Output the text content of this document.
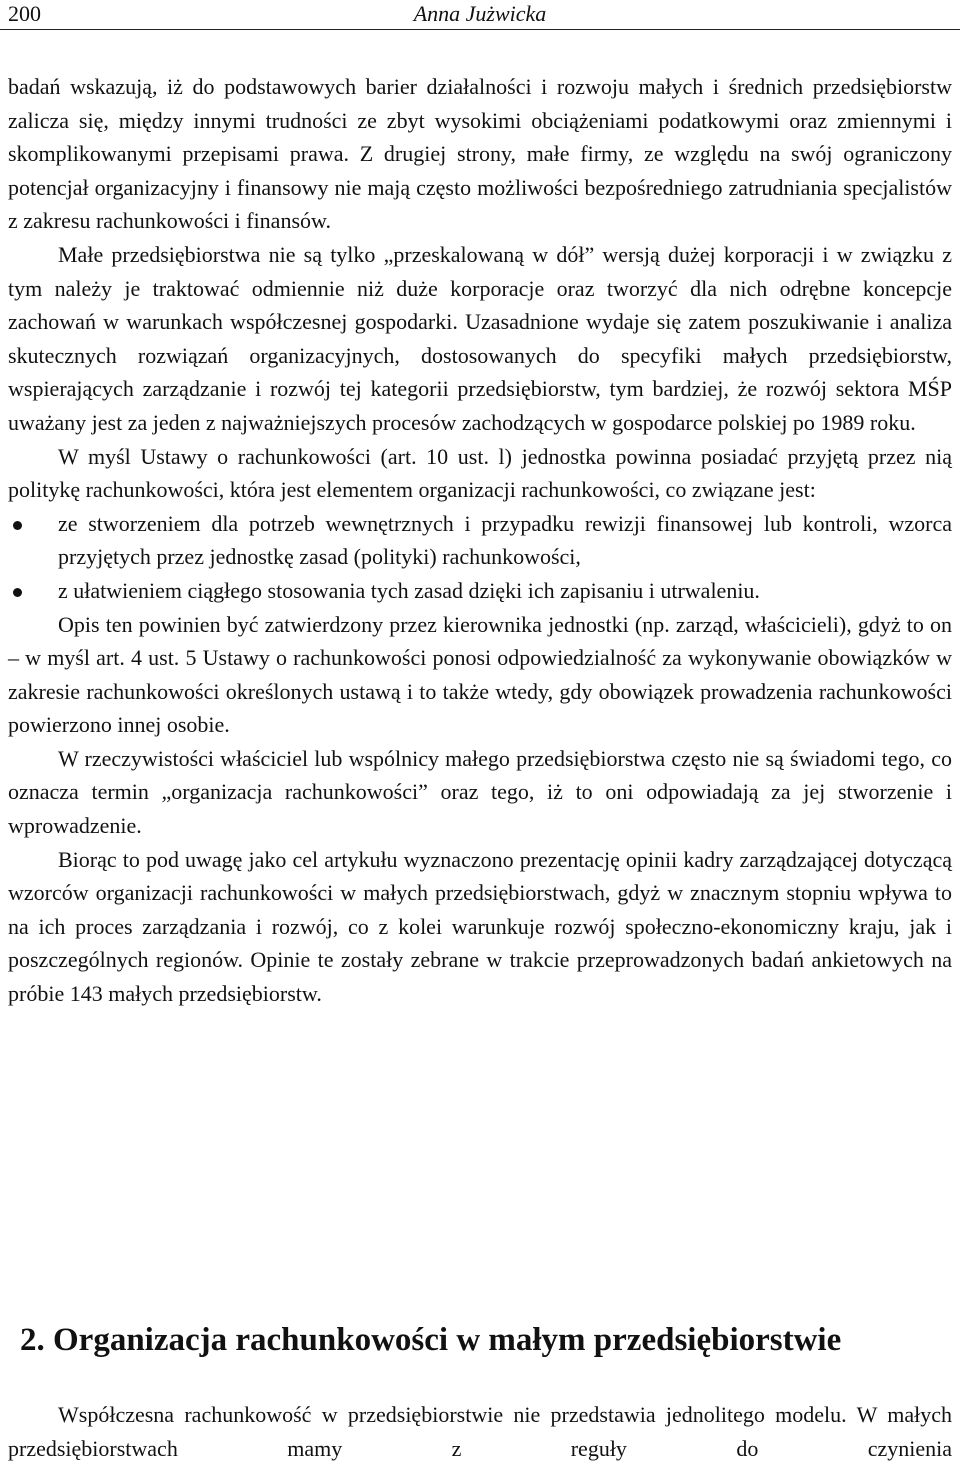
200	Anna Jużwicka

badań wskazują, iż do podstawowych barier działalności i rozwoju małych i średnich przedsiębiorstw zalicza się, między innymi trudności ze zbyt wysokimi obciążeniami podatkowymi oraz zmiennymi i skomplikowanymi przepisami prawa. Z drugiej strony, małe firmy, ze względu na swój ograniczony potencjał organizacyjny i finansowy nie mają często możliwości bezpośredniego zatrudniania specjalistów z zakresu rachunkowości i finansów.

Małe przedsiębiorstwa nie są tylko „przeskalowaną w dół” wersją dużej korporacji i w związku z tym należy je traktować odmiennie niż duże korporacje oraz tworzyć dla nich odrębne koncepcje zachowań w warunkach współczesnej gospodarki. Uzasadnione wydaje się zatem poszukiwanie i analiza skutecznych rozwiązań organizacyjnych, dostosowanych do specyfiki małych przedsiębiorstw, wspierających zarządzanie i rozwój tej kategorii przedsiębiorstw, tym bardziej, że rozwój sektora MŚP uważany jest za jeden z najważniejszych procesów zachodzących w gospodarce polskiej po 1989 roku.

W myśl Ustawy o rachunkowości (art. 10 ust. l) jednostka powinna posiadać przyjętą przez nią politykę rachunkowości, która jest elementem organizacji rachunkowości, co związane jest:

ze stworzeniem dla potrzeb wewnętrznych i przypadku rewizji finansowej lub kontroli, wzorca przyjętych przez jednostkę zasad (polityki) rachunkowości,
z ułatwieniem ciągłego stosowania tych zasad dzięki ich zapisaniu i utrwaleniu.

Opis ten powinien być zatwierdzony przez kierownika jednostki (np. zarząd, właścicieli), gdyż to on – w myśl art. 4 ust. 5 Ustawy o rachunkowości ponosi odpowiedzialność za wykonywanie obowiązków w zakresie rachunkowości określonych ustawą i to także wtedy, gdy obowiązek prowadzenia rachunkowości powierzono innej osobie.

W rzeczywistości właściciel lub wspólnicy małego przedsiębiorstwa często nie są świadomi tego, co oznacza termin „organizacja rachunkowości” oraz tego, iż to oni odpowiadają za jej stworzenie i wprowadzenie.

Biorąc to pod uwagę jako cel artykułu wyznaczono prezentację opinii kadry zarządzającej dotyczącą wzorców organizacji rachunkowości w małych przedsiębiorstwach, gdyż w znacznym stopniu wpływa to na ich proces zarządzania i rozwój, co z kolei warunkuje rozwój społeczno-ekonomiczny kraju, jak i poszczególnych regionów. Opinie te zostały zebrane w trakcie przeprowadzonych badań ankietowych na próbie 143 małych przedsiębiorstw.

2. Organizacja rachunkowości w małym przedsiębiorstwie

Współczesna rachunkowość w przedsiębiorstwie nie przedstawia jednolitego modelu. W małych przedsiębiorstwach mamy z reguły do czynienia
